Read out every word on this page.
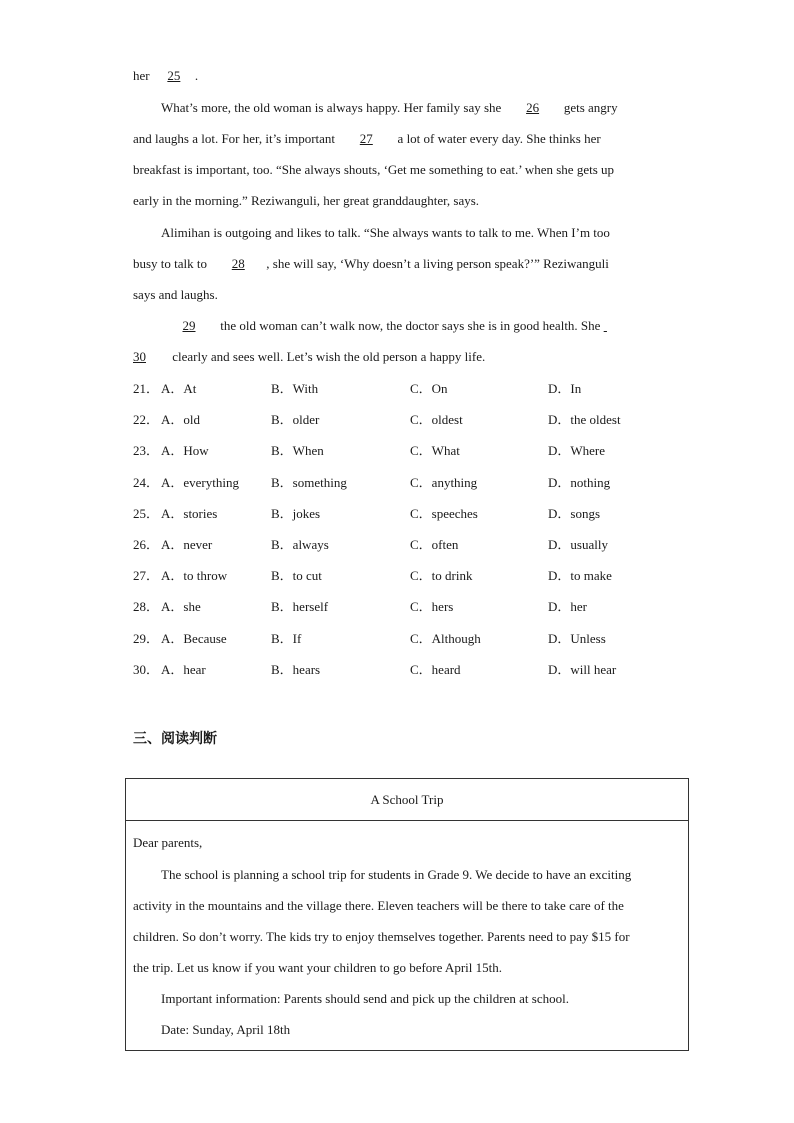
her 25 .
What’s more, the old woman is always happy. Her family say she 26 gets angry
and laughs a lot. For her, it’s important 27 a lot of water every day. She thinks her
breakfast is important, too. “She always shouts, ‘Get me something to eat.’ when she gets up
early in the morning.” Reziwanguli, her great granddaughter, says.
Alimihan is outgoing and likes to talk. “She always wants to talk to me. When I’m too
busy to talk to 28 , she will say, ‘Why doesn’t a living person speak?’” Reziwanguli
says and laughs.
29 the old woman can’t walk now, the doctor says she is in good health. She
30 clearly and sees well. Let’s wish the old person a happy life.
21． A．At	B．With	C．On	D．In
22． A．old	B．older	C．oldest	D．the oldest
23． A．How	B．When	C．What	D．Where
24． A．everything B．something	C．anything	D．nothing
25． A．stories	B．jokes	C．speeches	D．songs
26． A．never	B．always	C．often	D．usually
27． A．to throw	B．to cut	C．to drink	D．to make
28． A．she	B．herself	C．hers	D．her
29． A．Because	B．If	C．Although	D．Unless
30． A．hear	B．hears	C．heard	D．will hear
三、阅读判断
A School Trip
Dear parents,
The school is planning a school trip for students in Grade 9. We decide to have an exciting
activity in the mountains and the village there. Eleven teachers will be there to take care of the
children. So don’t worry. The kids try to enjoy themselves together. Parents need to pay $15 for
the trip. Let us know if you want your children to go before April 15th.
Important information: Parents should send and pick up the children at school.
Date: Sunday, April 18th
